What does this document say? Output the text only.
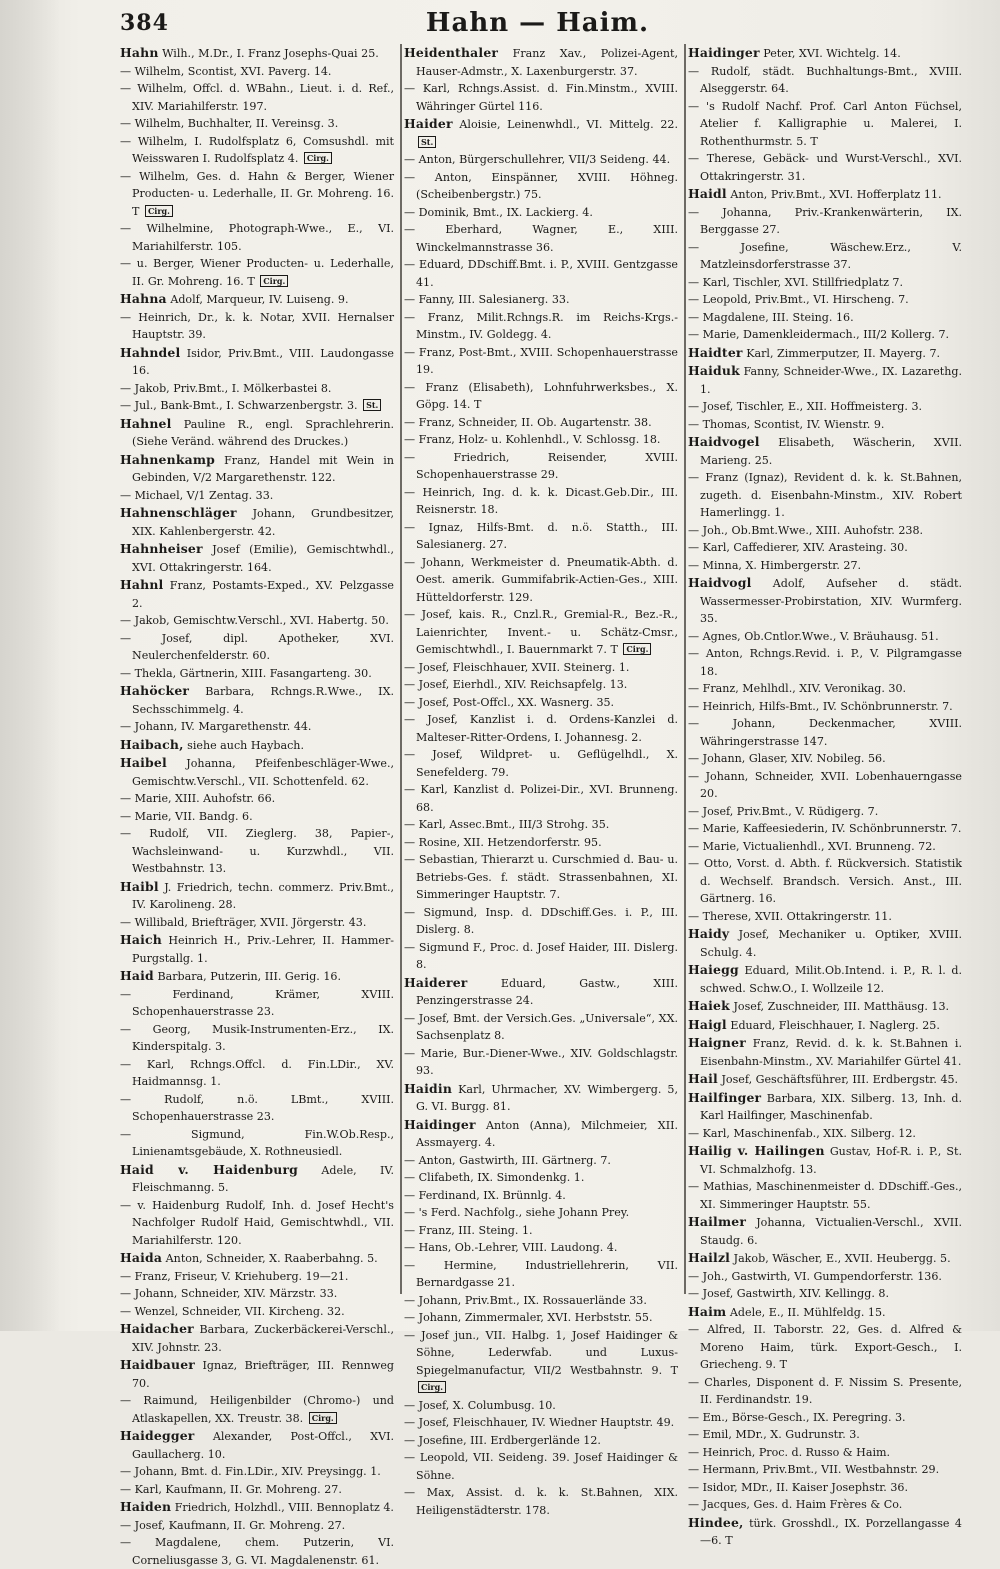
384	Hahn — Haim.
Hahn Wilh., M.Dr., I. Franz Josephs-Quai 25.
— Wilhelm, Scontist, XVI. Paverg. 14.
— Wilhelm, Offcl. d. WBahn., Lieut. i. d. Ref., XIV. Mariahilferstr. 197.
— Wilhelm, Buchhalter, II. Vereinsg. 3.
— Wilhelm, I. Rudolfsplatz 6, Comsushdl. mit Weisswaren I. Rudolfsplatz 4. Cirg.
— Wilhelm, Ges. d. Hahn & Berger, Wiener Producten- u. Lederhalle, II. Gr. Mohreng. 16. T Cirg.
— Wilhelmine, Photograph-Wwe., E., VI. Mariahilferstr. 105.
— u. Berger, Wiener Producten- u. Lederhalle, II. Gr. Mohreng. 16. T Cirg.
Hahna Adolf, Marqueur, IV. Luiseng. 9.
— Heinrich, Dr., k. k. Notar, XVII. Hernalser Hauptstr. 39.
Hahndel Isidor, Priv.Bmt., VIII. Laudongasse 16.
— Jakob, Priv.Bmt., I. Mölkerbastei 8.
— Jul., Bank-Bmt., I. Schwarzenbergstr. 3. St.
Hahnel Pauline R., engl. Sprachlehrerin. (Siehe Veränd. während des Druckes.)
Hahnenkamp Franz, Handel mit Wein in Gebinden, V/2 Margarethenstr. 122.
— Michael, V/1 Zentag. 33.
Hahnenschläger Johann, Grundbesitzer, XIX. Kahlenbergerstr. 42.
Hahnheiser Josef (Emilie), Gemischtwhdl., XVI. Ottakringerstr. 164.
Hahnl Franz, Postamts-Exped., XV. Pelzgasse 2.
— Jakob, Gemischtw.Verschl., XVI. Habertg. 50.
— Josef, dipl. Apotheker, XVI. Neulerchenfelderstr. 60.
— Thekla, Gärtnerin, XIII. Fasangarteng. 30.
Hahöcker Barbara, Rchngs.R.Wwe., IX. Sechsschimmelg. 4.
— Johann, IV. Margarethenstr. 44.
Haibach, siehe auch Haybach.
Haibel Johanna, Pfeifenbeschläger-Wwe., Gemischtw.Verschl., VII. Schottenfeld. 62.
— Marie, XIII. Auhofstr. 66.
— Marie, VII. Bandg. 6.
— Rudolf, VII. Zieglerg. 38, Papier-, Wachsleinwand- u. Kurzwhdl., VII. Westbahnstr. 13.
Haibl J. Friedrich, techn. commerz. Priv.Bmt., IV. Karolineng. 28.
— Willibald, Briefträger, XVII. Jörgerstr. 43.
Haich Heinrich H., Priv.-Lehrer, II. Hammer-Purgstallg. 1.
Haid Barbara, Putzerin, III. Gerig. 16.
— Ferdinand, Krämer, XVIII. Schopenhauerstrasse 23.
— Georg, Musik-Instrumenten-Erz., IX. Kinderspitalg. 3.
— Karl, Rchngs.Offcl. d. Fin.LDir., XV. Haidmannsg. 1.
— Rudolf, n.ö. LBmt., XVIII. Schopenhauerstrasse 23.
— Sigmund, Fin.W.Ob.Resp., Linienamtsgebäude, X. Rothneusiedl.
Haid v. Haidenburg Adele, IV. Fleischmanng. 5.
— v. Haidenburg Rudolf, Inh. d. Josef Hecht's Nachfolger Rudolf Haid, Gemischtwhdl., VII. Mariahilferstr. 120.
Haida Anton, Schneider, X. Raaberbahng. 5.
— Franz, Friseur, V. Kriehuberg. 19—21.
— Johann, Schneider, XIV. Märzstr. 33.
— Wenzel, Schneider, VII. Kircheng. 32.
Haidacher Barbara, Zuckerbäckerei-Verschl., XIV. Johnstr. 23.
Haidbauer Ignaz, Briefträger, III. Rennweg 70.
— Raimund, Heiligenbilder (Chromo-) und Atlaskapellen, XX. Treustr. 38. Cirg.
Haidegger Alexander, Post-Offcl., XVI. Gaullacherg. 10.
— Johann, Bmt. d. Fin.LDir., XIV. Preysingg. 1.
— Karl, Kaufmann, II. Gr. Mohreng. 27.
Haiden Friedrich, Holzhdl., VIII. Bennoplatz 4.
— Josef, Kaufmann, II. Gr. Mohreng. 27.
— Magdalene, chem. Putzerin, VI. Corneliusgasse 3, G. VI. Magdalenenstr. 61.
Heidenthaler Franz Xav., Polizei-Agent, Hauser-Admstr., X. Laxenburgerstr. 37.
— Karl, Rchngs.Assist. d. Fin.Minstm., XVIII. Währinger Gürtel 116.
Haider Aloisie, Leinenwhdl., VI. Mittelg. 22. St.
— Anton, Bürgerschullehrer, VII/3 Seideng. 44.
— Anton, Einspänner, XVIII. Höhneg. (Scheibenbergstr.) 75.
— Dominik, Bmt., IX. Lackierg. 4.
— Eberhard, Wagner, E., XIII. Winckelmannstrasse 36.
— Eduard, DDschiff.Bmt. i. P., XVIII. Gentzgasse 41.
— Fanny, III. Salesianerg. 33.
— Franz, Milit.Rchngs.R. im Reichs-Krgs.-Minstm., IV. Goldegg. 4.
— Franz, Post-Bmt., XVIII. Schopenhauerstrasse 19.
— Franz (Elisabeth), Lohnfuhrwerksbes., X. Göpg. 14. T
— Franz, Schneider, II. Ob. Augartenstr. 38.
— Franz, Holz- u. Kohlenhdl., V. Schlossg. 18.
— Friedrich, Reisender, XVIII. Schopenhauerstrasse 29.
— Heinrich, Ing. d. k. k. Dicast.Geb.Dir., III. Reisnerstr. 18.
— Ignaz, Hilfs-Bmt. d. n.ö. Statth., III. Salesianerg. 27.
— Johann, Werkmeister d. Pneumatik-Abth. d. Oest. amerik. Gummifabrik-Actien-Ges., XIII. Hütteldorferstr. 129.
— Josef, kais. R., Cnzl.R., Gremial-R., Bez.-R., Laienrichter, Invent.- u. Schätz-Cmsr., Gemischtwhdl., I. Bauernmarkt 7. T Cirg.
— Josef, Fleischhauer, XVII. Steinerg. 1.
— Josef, Eierhdl., XIV. Reichsapfelg. 13.
— Josef, Post-Offcl., XX. Wasnerg. 35.
— Josef, Kanzlist i. d. Ordens-Kanzlei d. Malteser-Ritter-Ordens, I. Johannesg. 2.
— Josef, Wildpret- u. Geflügelhdl., X. Senefelderg. 79.
— Karl, Kanzlist d. Polizei-Dir., XVI. Brunneng. 68.
— Karl, Assec.Bmt., III/3 Strohg. 35.
— Rosine, XII. Hetzendorferstr. 95.
— Sebastian, Thierarzt u. Curschmied d. Bau- u. Betriebs-Ges. f. städt. Strassenbahnen, XI. Simmeringer Hauptstr. 7.
— Sigmund, Insp. d. DDschiff.Ges. i. P., III. Dislerg. 8.
— Sigmund F., Proc. d. Josef Haider, III. Dislerg. 8.
Haiderer	Eduard, Gastw., XIII. Penzingerstrasse 24.
— Josef, Bmt. der Versich.Ges. „Universale“, XX. Sachsenplatz 8.
— Marie, Bur.-Diener-Wwe., XIV. Goldschlagstr. 93.
Haidin Karl, Uhrmacher, XV. Wimbergerg. 5, G. VI. Burgg. 81.
Haidinger Anton (Anna), Milchmeier, XII. Assmayerg. 4.
— Anton, Gastwirth, III. Gärtnerg. 7.
— Clifabeth, IX. Simondenkg. 1.
— Ferdinand, IX. Brünnlg. 4.
— 's Ferd. Nachfolg., siehe Johann Prey.
— Franz, III. Steing. 1.
— Hans, Ob.-Lehrer, VIII. Laudong. 4.
— Hermine, Industriellehrerin, VII. Bernardgasse 21.
— Johann, Priv.Bmt., IX. Rossauerlände 33.
— Johann, Zimmermaler, XVI. Herbststr. 55.
— Josef jun., VII. Halbg. 1, Josef Haidinger & Söhne, Lederwfab. und Luxus-Spiegelmanufactur, VII/2 Westbahnstr. 9. T Cirg.
— Josef, X. Columbusg. 10.
— Josef, Fleischhauer, IV. Wiedner Hauptstr. 49.
— Josefine, III. Erdbergerlände 12.
— Leopold, VII. Seideng. 39. Josef Haidinger & Söhne.
— Max, Assist. d. k. k. St.Bahnen, XIX. Heiligenstädterstr. 178.
Haidinger Peter, XVI. Wichtelg. 14.
— Rudolf, städt. Buchhaltungs-Bmt., XVIII. Alseggerstr. 64.
— 's Rudolf Nachf. Prof. Carl Anton Füchsel, Atelier f. Kalligraphie u. Malerei, I. Rothenthurmstr. 5. T
— Therese, Gebäck- und Wurst-Verschl., XVI. Ottakringerstr. 31.
Haidl Anton, Priv.Bmt., XVI. Hofferplatz 11.
— Johanna, Priv.-Krankenwärterin, IX. Berggasse 27.
— Josefine, Wäschew.Erz., V. Matzleinsdorferstrasse 37.
— Karl, Tischler, XVI. Stillfriedplatz 7.
— Leopold, Priv.Bmt., VI. Hirscheng. 7.
— Magdalene, III. Steing. 16.
— Marie, Damenkleidermach., III/2 Kollerg. 7.
Haidter Karl, Zimmerputzer, II. Mayerg. 7.
Haiduk Fanny, Schneider-Wwe., IX. Lazarethg. 1.
— Josef, Tischler, E., XII. Hoffmeisterg. 3.
— Thomas, Scontist, IV. Wienstr. 9.
Haidvogel Elisabeth, Wäscherin, XVII. Marieng. 25.
— Franz (Ignaz), Revident d. k. k. St.Bahnen, zugeth. d. Eisenbahn-Minstm., XIV. Robert Hamerlingg. 1.
— Joh., Ob.Bmt.Wwe., XIII. Auhofstr. 238.
— Karl, Caffedierer, XIV. Arasteing. 30.
— Minna, X. Himbergerstr. 27.
Haidvogl Adolf, Aufseher d. städt. Wassermesser-Probirstation, XIV. Wurmferg. 35.
— Agnes, Ob.Cntlor.Wwe., V. Bräuhausg. 51.
— Anton, Rchngs.Revid. i. P., V. Pilgramgasse 18.
— Franz, Mehlhdl., XIV. Veronikag. 30.
— Heinrich, Hilfs-Bmt., IV. Schönbrunnerstr. 7.
— Johann, Deckenmacher, XVIII. Währingerstrasse 147.
— Johann, Glaser, XIV. Nobileg. 56.
— Johann, Schneider, XVII. Lobenhauerngasse 20.
— Josef, Priv.Bmt., V. Rüdigerg. 7.
— Marie, Kaffeesiederin, IV. Schönbrunnerstr. 7.
— Marie, Victualienhdl., XVI. Brunneng. 72.
— Otto, Vorst. d. Abth. f. Rückversich. Statistik d. Wechself. Brandsch. Versich. Anst., III. Gärtnerg. 16.
— Therese, XVII. Ottakringerstr. 11.
Haidy Josef, Mechaniker u. Optiker, XVIII. Schulg. 4.
Haiegg Eduard, Milit.Ob.Intend. i. P., R. l. d. schwed. Schw.O., I. Wollzeile 12.
Haiek Josef, Zuschneider, III. Matthäusg. 13.
Haigl Eduard, Fleischhauer, I. Naglerg. 25.
Haigner Franz, Revid. d. k. k. St.Bahnen i. Eisenbahn-Minstm., XV. Mariahilfer Gürtel 41.
Hail Josef, Geschäftsführer, III. Erdbergstr. 45.
Hailfinger Barbara, XIX. Silberg. 13, Inh. d. Karl Hailfinger, Maschinenfab.
— Karl, Maschinenfab., XIX. Silberg. 12.
Hailig v. Hailingen Gustav, Hof-R. i. P., St. VI. Schmalzhofg. 13.
— Mathias, Maschinenmeister d. DDschiff.-Ges., XI. Simmeringer Hauptstr. 55.
Hailmer Johanna, Victualien-Verschl., XVII. Staudg. 6.
Hailzl Jakob, Wäscher, E., XVII. Heubergg. 5.
— Joh., Gastwirth, VI. Gumpendorferstr. 136.
— Josef, Gastwirth, XIV. Kellingg. 8.
Haim Adele, E., II. Mühlfeldg. 15.
— Alfred, II. Taborstr. 22, Ges. d. Alfred & Moreno Haim, türk. Export-Gesch., I. Griecheng. 9. T
— Charles, Disponent d. F. Nissim S. Presente, II. Ferdinandstr. 19.
— Em., Börse-Gesch., IX. Peregring. 3.
— Emil, MDr., X. Gudrunstr. 3.
— Heinrich, Proc. d. Russo & Haim.
— Hermann, Priv.Bmt., VII. Westbahnstr. 29.
— Isidor, MDr., II. Kaiser Josephstr. 36.
— Jacques, Ges. d. Haim Frères & Co.
Hindee, türk. Grosshdl., IX. Porzellangasse 4—6. T
